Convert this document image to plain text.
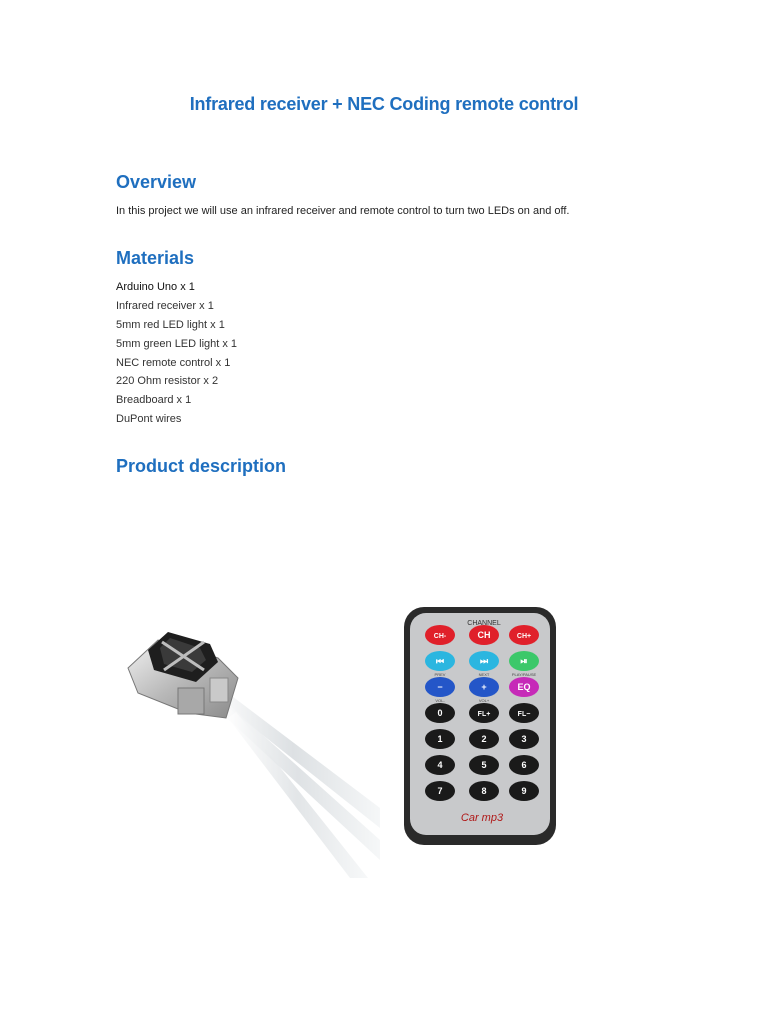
Infrared receiver + NEC Coding remote control
Overview
In this project we will use an infrared receiver and remote control to turn two LEDs on and off.
Materials
Arduino Uno x 1
Infrared receiver x 1
5mm red LED light x 1
5mm green LED light x 1
NEC remote control x 1
220 Ohm resistor x 2
Breadboard x 1
DuPont wires
Product description
CH-	CH	CH+
⏮
PREV
⏭
NEXT
⏯
PLAY/PAUSE
−
VOL-
+
VOL+
EQ
0	FL+	FL−
1	2	3
4	5	6
7	8	9
CHANNEL
Car mp3
